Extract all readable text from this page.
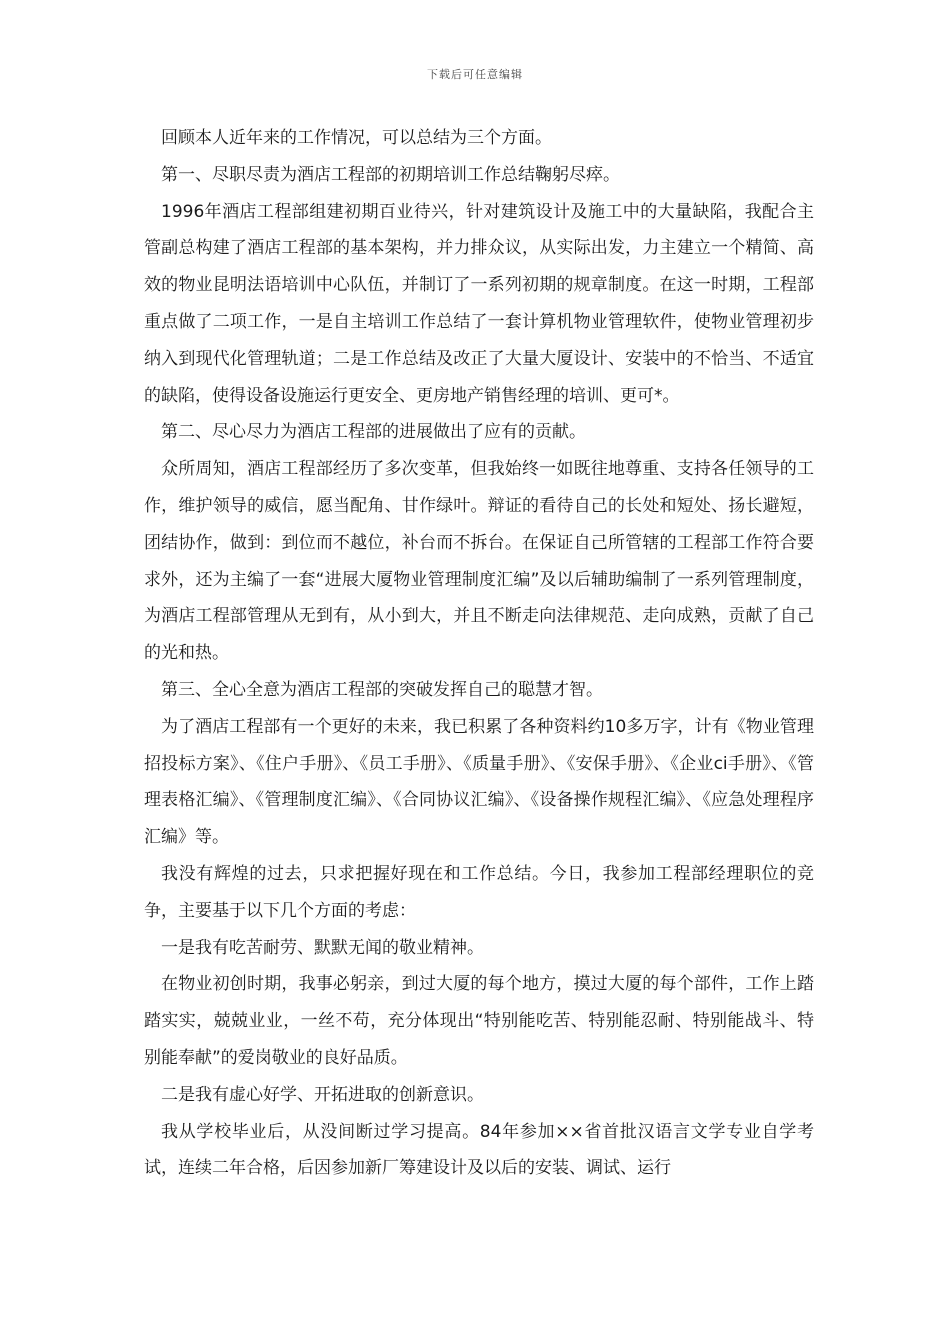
下载后可任意编辑

回顾本人近年来的工作情况，可以总结为三个方面。

第一、尽职尽责为酒店工程部的初期培训工作总结鞠躬尽瘁。

1996年酒店工程部组建初期百业待兴，针对建筑设计及施工中的大量缺陷，我配合主管副总构建了酒店工程部的基本架构，并力排众议，从实际出发，力主建立一个精简、高效的物业昆明法语培训中心队伍，并制订了一系列初期的规章制度。在这一时期，工程部重点做了二项工作，一是自主培训工作总结了一套计算机物业管理软件，使物业管理初步纳入到现代化管理轨道；二是工作总结及改正了大量大厦设计、安装中的不恰当、不适宜的缺陷，使得设备设施运行更安全、更房地产销售经理的培训、更可*。

第二、尽心尽力为酒店工程部的进展做出了应有的贡献。

众所周知，酒店工程部经历了多次变革，但我始终一如既往地尊重、支持各任领导的工作，维护领导的威信，愿当配角、甘作绿叶。辩证的看待自己的长处和短处、扬长避短，团结协作，做到：到位而不越位，补台而不拆台。在保证自己所管辖的工程部工作符合要求外，还为主编了一套“进展大厦物业管理制度汇编”及以后辅助编制了一系列管理制度，为酒店工程部管理从无到有，从小到大，并且不断走向法律规范、走向成熟，贡献了自己的光和热。

第三、全心全意为酒店工程部的突破发挥自己的聪慧才智。

为了酒店工程部有一个更好的未来，我已积累了各种资料约10多万字，计有《物业管理招投标方案》、《住户手册》、《员工手册》、《质量手册》、《安保手册》、《企业ci手册》、《管理表格汇编》、《管理制度汇编》、《合同协议汇编》、《设备操作规程汇编》、《应急处理程序汇编》等。

我没有辉煌的过去，只求把握好现在和工作总结。今日，我参加工程部经理职位的竞争，主要基于以下几个方面的考虑：

一是我有吃苦耐劳、默默无闻的敬业精神。

在物业初创时期，我事必躬亲，到过大厦的每个地方，摸过大厦的每个部件，工作上踏踏实实，兢兢业业，一丝不苟，充分体现出“特别能吃苦、特别能忍耐、特别能战斗、特别能奉献”的爱岗敬业的良好品质。

二是我有虚心好学、开拓进取的创新意识。

我从学校毕业后，从没间断过学习提高。84年参加××省首批汉语言文学专业自学考试，连续二年合格，后因参加新厂筹建设计及以后的安装、调试、运行
